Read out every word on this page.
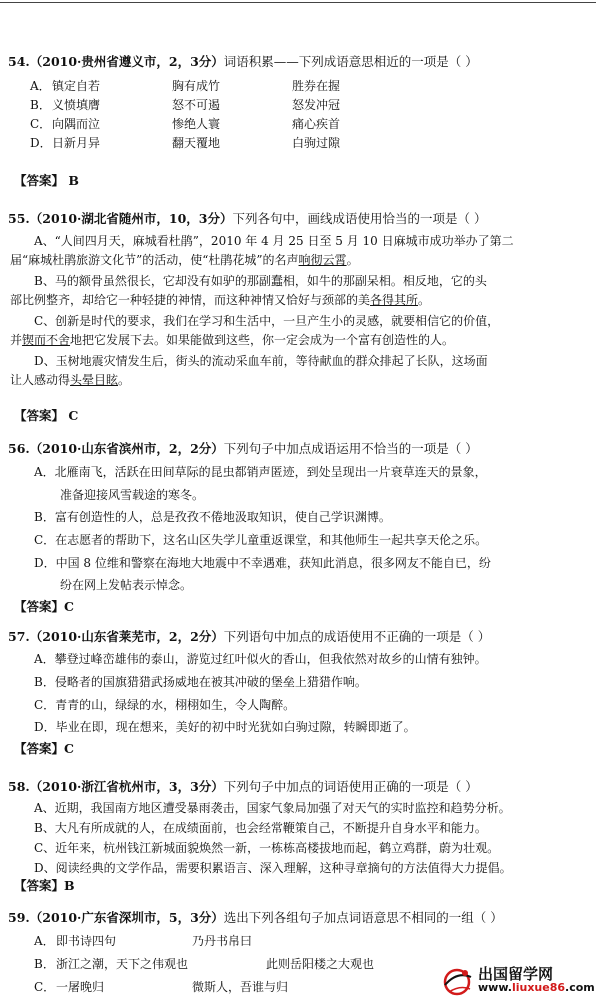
54.（2010·贵州省遵义市，2，3分）词语积累——下列成语意思相近的一项是（ ）
A． 镇定自若	胸有成竹	胜券在握
B． 义愤填膺	怒不可遏	怒发冲冠
C． 向隅而泣	惨绝人寰	痛心疾首
D． 日新月异	翻天覆地	白驹过隙
【答案】 B
55.（2010·湖北省随州市，10，3分）下列各句中，画线成语使用恰当的一项是（ ）
A、“人间四月天，麻城看杜鹃”，2010 年 4 月 25 日至 5 月 10 日麻城市成功举办了第二
届“麻城杜鹃旅游文化节”的活动，使“杜鹃花城”的名声响彻云霄。
B、马的额骨虽然很长，它却没有如驴的那副蠢相，如牛的那副呆相。相反地，它的头
部比例整齐，却给它一种轻捷的神情，而这种神情又恰好与颈部的美各得其所。
C、创新是时代的要求，我们在学习和生活中，一旦产生小的灵感，就要相信它的价值，
并锲而不舍地把它发展下去。如果能做到这些，你一定会成为一个富有创造性的人。
D、玉树地震灾情发生后，街头的流动采血车前，等待献血的群众排起了长队，这场面
让人感动得头晕目眩。
【答案】 C
56.（2010·山东省滨州市，2，2分）下列句子中加点成语运用不恰当的一项是（ ）
A．北雁南飞，活跃在田间草际的昆虫都销声匿迹，到处呈现出一片衰草连天的景象，
准备迎接风雪载途的寒冬。
B．富有创造性的人，总是孜孜不倦地汲取知识，使自己学识渊博。
C．在志愿者的帮助下，这名山区失学儿童重返课堂，和其他师生一起共享天伦之乐。
D．中国 8 位维和警察在海地大地震中不幸遇难，获知此消息，很多网友不能自已，纷
纷在网上发帖表示悼念。
【答案】C
57.（2010·山东省莱芜市，2，2分）下列语句中加点的成语使用不正确的一项是（ ）
A．攀登过峰峦雄伟的泰山，游览过红叶似火的香山，但我依然对故乡的山情有独钟。
B．侵略者的国旗猎猎武扬威地在被其冲破的堡垒上猎猎作响。
C．青青的山，绿绿的水，栩栩如生，令人陶醉。
D．毕业在即，现在想来，美好的初中时光犹如白驹过隙，转瞬即逝了。
【答案】C
58.（2010·浙江省杭州市，3，3分）下列句子中加点的词语使用正确的一项是（ ）
A、近期，我国南方地区遭受暴雨袭击，国家气象局加强了对天气的实时监控和趋势分析。
B、大凡有所成就的人，在成绩面前，也会经常鞭策自己，不断提升自身水平和能力。
C、近年来，杭州钱江新城面貌焕然一新，一栋栋高楼拔地而起，鹤立鸡群，蔚为壮观。
D、阅读经典的文学作品，需要积累语言、深入理解，这种寻章摘句的方法值得大力提倡。
【答案】B
59.（2010·广东省深圳市，5，3分）选出下列各组句子加点词语意思不相同的一组（ ）
A． 即书诗四句	乃丹书帛曰
B． 浙江之潮，天下之伟观也	此则岳阳楼之大观也
C． 一屠晚归	微斯人，吾谁与归
出国留学网
www.liuxue86.com
